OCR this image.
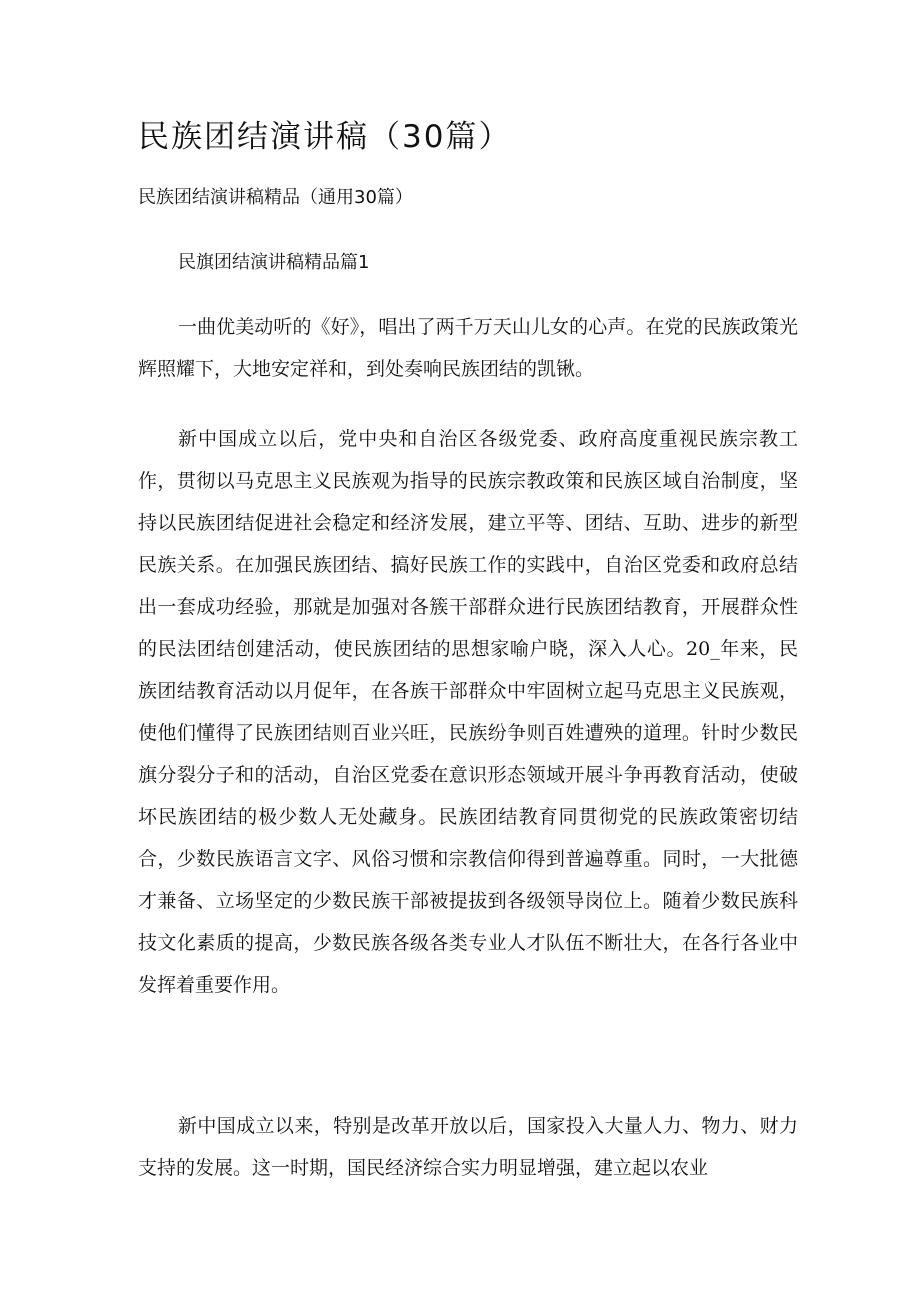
民族团结演讲稿（30篇）

民族团结演讲稿精品（通用30篇）

民旗团结演讲稿精品篇1

一曲优美动听的《好》，唱出了两千万天山儿女的心声。在党的民族政策光辉照耀下，大地安定祥和，到处奏响民族团结的凯锹。

新中国成立以后，党中央和自治区各级党委、政府高度重视民族宗教工作，贯彻以马克思主义民族观为指导的民族宗教政策和民族区域自治制度，坚持以民族团结促进社会稳定和经济发展，建立平等、团结、互助、进步的新型民族关系。在加强民族团结、搞好民族工作的实践中，自治区党委和政府总结出一套成功经验，那就是加强对各簇干部群众进行民族团结教育，开展群众性的民法团结创建活动，使民族团结的思想家喻户晓，深入人心。20_年来，民族团结教育活动以月促年，在各族干部群众中牢固树立起马克思主义民族观，使他们懂得了民族团结则百业兴旺，民族纷争则百姓遭殃的道理。针时少数民旗分裂分子和的活动，自治区党委在意识形态领域开展斗争再教育活动，使破坏民族团结的极少数人无处藏身。民族团结教育同贯彻党的民族政策密切结合，少数民族语言文字、风俗习惯和宗教信仰得到普遍尊重。同时，一大批德才兼备、立场坚定的少数民族干部被提拔到各级领导岗位上。随着少数民族科技文化素质的提高，少数民族各级各类专业人才队伍不断壮大，在各行各业中发挥着重要作用。

新中国成立以来，特别是改革开放以后，国家投入大量人力、物力、财力支持的发展。这一时期，国民经济综合实力明显增强，建立起以农业
